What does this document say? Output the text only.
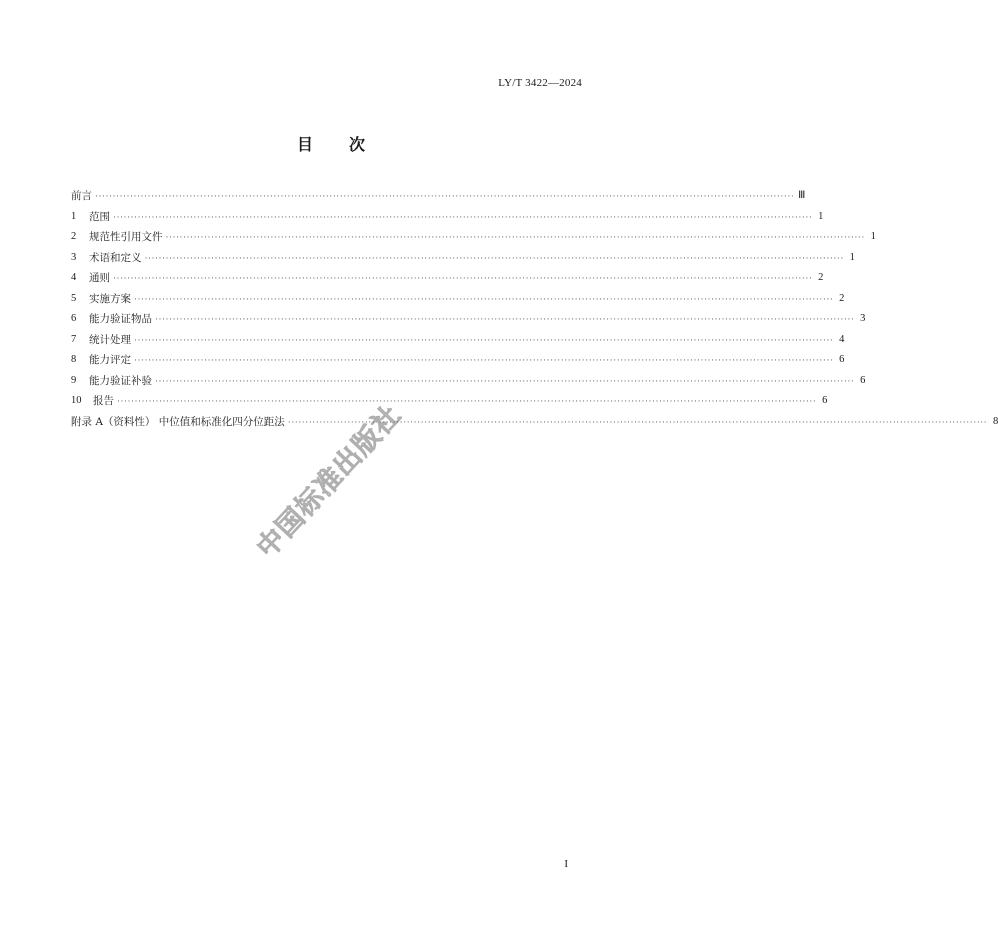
LY/T 3422—2024
目 次
前言 ········································································································································································································ Ⅲ
1	范围 ········································································································································································································ 1
2	规范性引用文件 ········································································································································································································ 1
3	术语和定义 ········································································································································································································ 1
4	通则 ········································································································································································································ 2
5	实施方案 ········································································································································································································ 2
6	能力验证物品 ········································································································································································································ 3
7	统计处理 ········································································································································································································ 4
8	能力评定 ········································································································································································································ 6
9	能力验证补验 ········································································································································································································ 6
10	报告 ········································································································································································································ 6
附录 A（资料性） 中位值和标准化四分位距法 ········································································································································································································ 8
中国标准出版社
I
